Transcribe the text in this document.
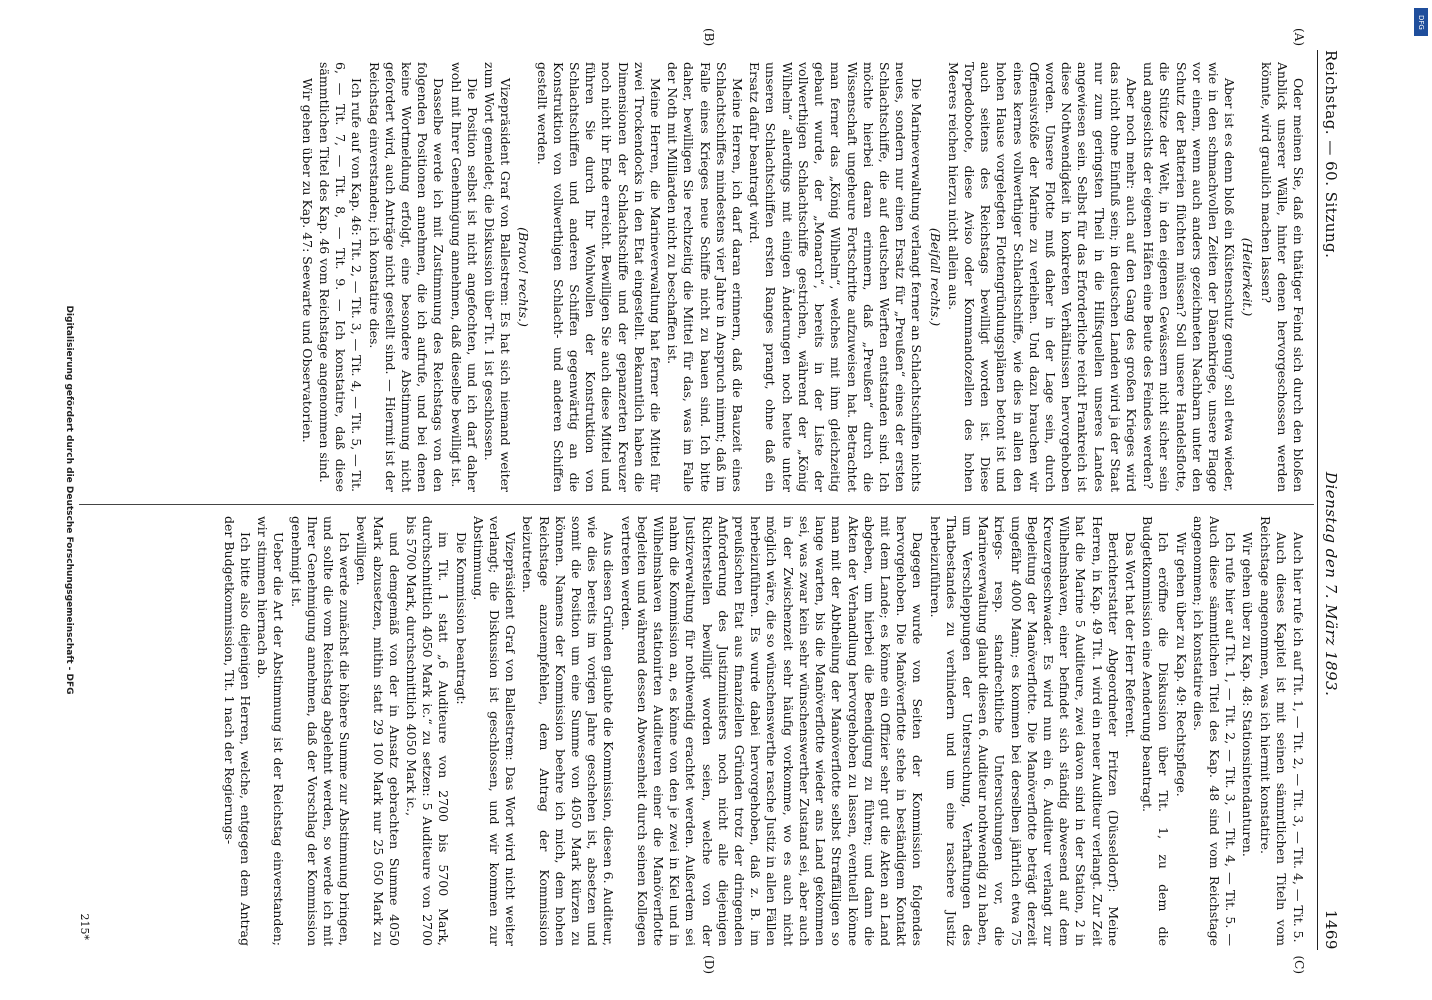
Reichstag. — 60. Sitzung.
Dienstag den 7. März 1893.
1469
(A)
(B)
(C)
(D)

Oder meinen Sie, daß ein thätiger Feind sich durch den bloßen Anblick unserer Wälle, hinter denen hervorgeschossen werden könnte, wird graulich machen lassen?

(Heiterkeit.)

Aber ist es denn bloß ein Küstenschutz genug? soll etwa wieder, wie in den schmachvollen Zeiten der Dänenkriege, unsere Flagge vor einem, wenn auch anders gezeichneten Nachbarn unter den Schutz der Batterien flüchten müssen? Soll unsere Handelsflotte, die Stütze der Welt, in den eigenen Gewässern nicht sicher sein und angesichts der eigenen Häfen eine Beute des Feindes werden?

Aber noch mehr: auch auf den Gang des großen Krieges wird das nicht ohne Einfluß sein; in deutschen Landen wird ja der Staat nur zum geringsten Theil in die Hilfsquellen unseres Landes angewiesen sein. Selbst für das Erforderliche reicht Frankreich ist diese Nothwendigkeit in konkreten Verhältnissen hervorgehoben worden. Unsere Flotte muß daher in der Lage sein, durch Offensivstöße der Marine zu verleihen. Und dazu brauchen wir eines kernes vollwerthiger Schlachtschiffe, wie dies in allen den hohen Hause vorgelegten Flottengründungsplänen betont ist und auch seitens des Reichstags bewilligt worden ist. Diese Torpedoboote, diese Aviso oder Kommandozellen des hohen Meeres reichen hierzu nicht allein aus.

(Beifall rechts.)

Die Marineverwaltung verlangt ferner an Schlachtschiffen nichts neues, sondern nur einen Ersatz für „Preußen“ eines der ersten Schlachtschiffe, die auf deutschen Werften entstanden sind. Ich möchte hierbei daran erinnern, daß „Preußen“ durch die Wissenschaft ungeheure Fortschritte aufzuweisen hat. Betrachtet man ferner das „König Wilhelm“, welches mit ihm gleichzeitig gebaut wurde, der „Monarch“, bereits in der Liste der vollwerthigen Schlachtschiffe gestrichen, während der „König Wilhelm“ allerdings mit einigen Änderungen noch heute unter unseren Schlachtschiffen ersten Ranges prangt, ohne daß ein Ersatz dafür beantragt wird.

Meine Herren, ich darf daran erinnern, daß die Bauzeit eines Schlachtschiffes mindestens vier Jahre in Anspruch nimmt; daß im Falle eines Krieges neue Schiffe nicht zu bauen sind. Ich bitte daher, bewilligen Sie rechtzeitig die Mittel für das, was im Falle der Noth mit Milliarden nicht zu beschaffen ist.

Meine Herren, die Marineverwaltung hat ferner die Mittel für zwei Trockendocks in den Etat eingestellt. Bekanntlich haben die Dimensionen der Schlachtschiffe und der gepanzerten Kreuzer noch nicht ihr Ende erreicht. Bewilligen Sie auch diese Mittel und führen Sie durch Ihr Wohlwollen der Konstruktion von Schlachtschiffen und anderen Schiffen gegenwärtig an die Konstruktion von vollwerthigen Schlacht- und anderen Schiffen gestellt werden.

(Bravo! rechts.)

Vizepräsident Graf von Ballestrem: Es hat sich niemand weiter zum Wort gemeldet; die Diskussion über Tit. 1 ist geschlossen.

Die Position selbst ist nicht angefochten, und ich darf daher wohl mit Ihrer Genehmigung annehmen, daß dieselbe bewilligt ist.

Dasselbe werde ich mit Zustimmung des Reichstags von den folgenden Positionen annehmen, die ich aufrufe, und bei denen keine Wortmeldung erfolgt, eine besondere Abstimmung nicht gefordert wird, auch Anträge nicht gestellt sind. — Hiermit ist der Reichstag einverstanden; ich konstatire dies.

Ich rufe auf von Kap. 46: Tit. 2, — Tit. 3, — Tit. 4, — Tit. 5, — Tit. 6, — Tit. 7, — Tit. 8, — Tit. 9. — Ich konstatire, daß diese sämmtlichen Titel des Kap. 46 vom Reichstage angenommen sind.

Wir gehen über zu Kap. 47: Seewarte und Observatorien.

Auch hier rufe ich auf Tit. 1, — Tit. 2, — Tit. 3, — Tit. 4, — Tit. 5.

Auch dieses Kapitel ist mit seinen sämmtlichen Titeln vom Reichstage angenommen, was ich hiermit konstatire.

Wir gehen über zu Kap. 48: Stationsintendanturen.

Ich rufe hier auf Tit. 1, — Tit. 2, — Tit. 3, — Tit. 4, — Tit. 5. — Auch diese sämmtlichen Titel des Kap. 48 sind vom Reichstage angenommen; ich konstatire dies.

Wir gehen über zu Kap. 49: Rechtspflege.

Ich eröffne die Diskussion über Tit. 1, zu dem die Budgetkommission eine Aenderung beantragt.

Das Wort hat der Herr Referent.

Berichterstatter Abgeordneter Fritzen (Düsseldorf): Meine Herren, in Kap. 49 Tit. 1 wird ein neuer Auditeur verlangt. Zur Zeit hat die Marine 5 Auditeure, zwei davon sind in der Station, 2 in Wilhelmshaven, einer befindet sich ständig abwesend auf dem Kreuzergeschwader. Es wird nun ein 6. Auditeur verlangt zur Begleitung der Manöverflotte. Die Manöverflotte beträgt derzeit ungefähr 4000 Mann; es kommen bei derselben jährlich etwa 75 kriegs- resp. standrechtliche Untersuchungen vor, die Marineverwaltung glaubt diesen 6. Auditeur nothwendig zu haben, um Verschleppungen der Untersuchung, Verhaftungen des Thatbestandes zu verhindern und um eine raschere Justiz herbeizuführen.

Dagegen wurde von Seiten der Kommission folgendes hervorgehoben. Die Manöverflotte stehe in beständigem Kontakt mit dem Lande; es könne ein Offizier sehr gut die Akten an Land abgeben, um hierbei die Beendigung zu führen; und dann die Akten der Verhandlung hervorgehoben zu lassen, eventuell könne man mit der Abtheilung der Manöverflotte selbst Straffälligen so lange warten, bis die Manöverflotte wieder ans Land gekommen sei, was zwar kein sehr wünschenswerther Zustand sei, aber auch in der Zwischenzeit sehr häufig vorkomme, wo es auch nicht möglich wäre, die so wünschenswerthe rasche Justiz in allen Fällen herbeizuführen. Es wurde dabei hervorgehoben, daß z. B. im preußischen Etat aus finanziellen Gründen trotz der dringenden Anforderung des Justizministers noch nicht alle diejenigen Richterstellen bewilligt worden seien, welche von der Justizverwaltung für nothwendig erachtet werden. Außerdem sei nahm die Kommission an, es könne von den je zwei in Kiel und in Wilhelmshaven stationirten Auditeuren einer die Manöverflotte begleiten und während dessen Abwesenheit durch seinen Kollegen vertreten werden.

Aus diesen Gründen glaubte die Kommission, diesen 6. Auditeur, wie dies bereits im vorigen Jahre geschehen ist, absetzen und somit die Position um eine Summe von 4050 Mark kürzen zu können. Namens der Kommission beehre ich mich, dem hohen Reichstage anzuempfehlen, dem Antrag der Kommission beizutreten.

Vizepräsident Graf von Ballestrem: Das Wort wird nicht weiter verlangt; die Diskussion ist geschlossen, und wir kommen zur Abstimmung.

Die Kommission beantragt:

im Tit. 1 statt „6 Auditeure von 2700 bis 5700 Mark, durchschnittlich 4050 Mark ic.“ zu setzen: 5 Auditeure von 2700 bis 5700 Mark, durchschnittlich 4050 Mark ic.,

und demgemäß von der in Ansatz gebrachten Summe 4050 Mark abzusetzen, mithin statt 29 100 Mark nur 25 050 Mark zu bewilligen.

Ich werde zunächst die höhere Summe zur Abstimmung bringen, und sollte die vom Reichstag abgelehnt werden, so werde ich mit Ihrer Genehmigung annehmen, daß der Vorschlag der Kommission genehmigt ist.

Ueber die Art der Abstimmung ist der Reichstag einverstanden; wir stimmen hiernach ab.

Ich bitte also diejenigen Herren, welche, entgegen dem Antrag der Budgetkommission, Tit. 1 nach der Regierungs-

215*
Digitalisierung gefördert durch die Deutsche Forschungsgemeinschaft - DFG
DFG
